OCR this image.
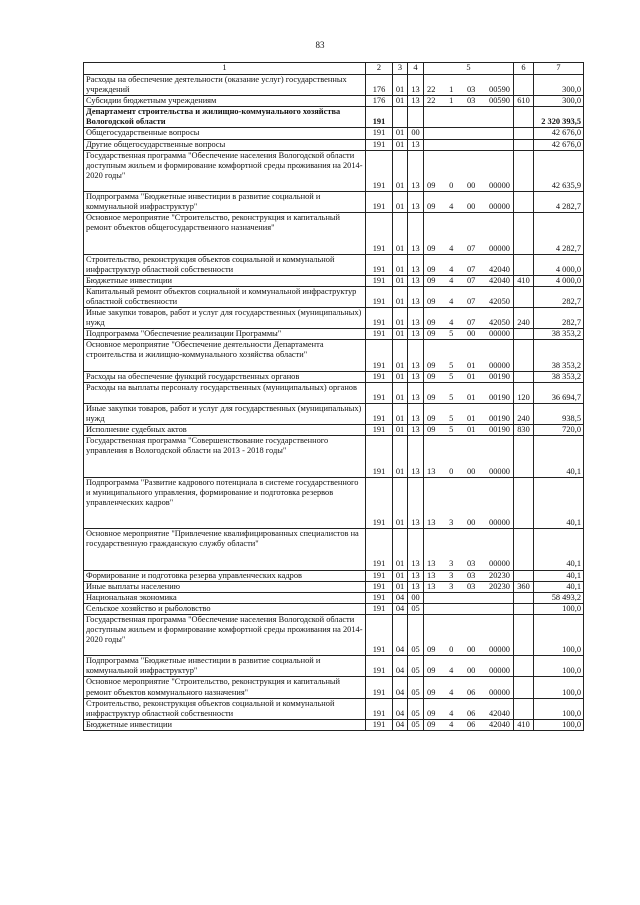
83
1	2	3	4	5	6	7
Расходы на обеспечение деятельности (оказание услуг) государственных учреждений	176	01	13	22 1 03 00590		300,0
Субсидии бюджетным учреждениям	176	01	13	22 1 03 00590	610	300,0
Департамент строительства и жилищно-коммунального хозяйства Вологодской области	191					2 320 393,5
Общегосударственные вопросы	191	01	00			42 676,0
Другие общегосударственные вопросы	191	01	13			42 676,0
Государственная программа "Обеспечение населения Вологодской области доступным жильем и формирование комфортной среды проживания на 2014-2020 годы"	191	01	13	09 0 00 00000		42 635,9
Подпрограмма "Бюджетные инвестиции в развитие социальной и коммунальной инфраструктур"	191	01	13	09 4 00 00000		4 282,7
Основное мероприятие "Строительство, реконструкция и капитальный ремонт объектов общегосударственного назначения"	191	01	13	09 4 07 00000		4 282,7
Строительство, реконструкция объектов социальной и коммунальной инфраструктур областной собственности	191	01	13	09 4 07 42040		4 000,0
Бюджетные инвестиции	191	01	13	09 4 07 42040	410	4 000,0
Капитальный ремонт объектов социальной и коммунальной инфраструктур областной собственности	191	01	13	09 4 07 42050		282,7
Иные закупки товаров, работ и услуг для государственных (муниципальных) нужд	191	01	13	09 4 07 42050	240	282,7
Подпрограмма "Обеспечение реализации Программы"	191	01	13	09 5 00 00000		38 353,2
Основное мероприятие "Обеспечение деятельности Департамента строительства и жилищно-коммунального хозяйства области"	191	01	13	09 5 01 00000		38 353,2
Расходы на обеспечение функций государственных органов	191	01	13	09 5 01 00190		38 353,2
Расходы на выплаты персоналу государственных (муниципальных) органов	191	01	13	09 5 01 00190	120	36 694,7
Иные закупки товаров, работ и услуг для государственных (муниципальных) нужд	191	01	13	09 5 01 00190	240	938,5
Исполнение судебных актов	191	01	13	09 5 01 00190	830	720,0
Государственная программа "Совершенствование государственного управления в Вологодской области на 2013 - 2018 годы"	191	01	13	13 0 00 00000		40,1
Подпрограмма "Развитие кадрового потенциала в системе государственного и муниципального управления, формирование и подготовка резервов управленческих кадров"	191	01	13	13 3 00 00000		40,1
Основное мероприятие "Привлечение квалифицированных специалистов на государственную гражданскую службу области"	191	01	13	13 3 03 00000		40,1
Формирование и подготовка резерва управленческих кадров	191	01	13	13 3 03 20230		40,1
Иные выплаты населению	191	01	13	13 3 03 20230	360	40,1
Национальная экономика	191	04	00			58 493,2
Сельское хозяйство и рыболовство	191	04	05			100,0
Государственная программа "Обеспечение населения Вологодской области доступным жильем и формирование комфортной среды проживания на 2014-2020 годы"	191	04	05	09 0 00 00000		100,0
Подпрограмма "Бюджетные инвестиции в развитие социальной и коммунальной инфраструктур"	191	04	05	09 4 00 00000		100,0
Основное мероприятие "Строительство, реконструкция и капитальный ремонт объектов коммунального назначения"	191	04	05	09 4 06 00000		100,0
Строительство, реконструкция объектов социальной и коммунальной инфраструктур областной собственности	191	04	05	09 4 06 42040		100,0
Бюджетные инвестиции	191	04	05	09 4 06 42040	410	100,0
